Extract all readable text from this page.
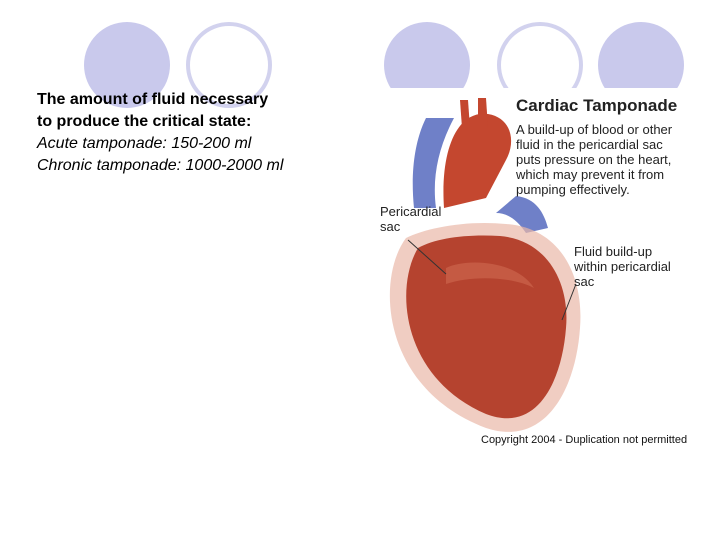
The amount of fluid necessary to produce the critical state:
Acute tamponade: 150-200 ml
Chronic tamponade: 1000-2000 ml
Cardiac Tamponade
A build-up of blood or other fluid in the pericardial sac puts pressure on the heart, which may prevent it from pumping effectively.
Pericardial sac
Fluid build-up within pericardial sac
Copyright 2004 - Duplication not permitted
